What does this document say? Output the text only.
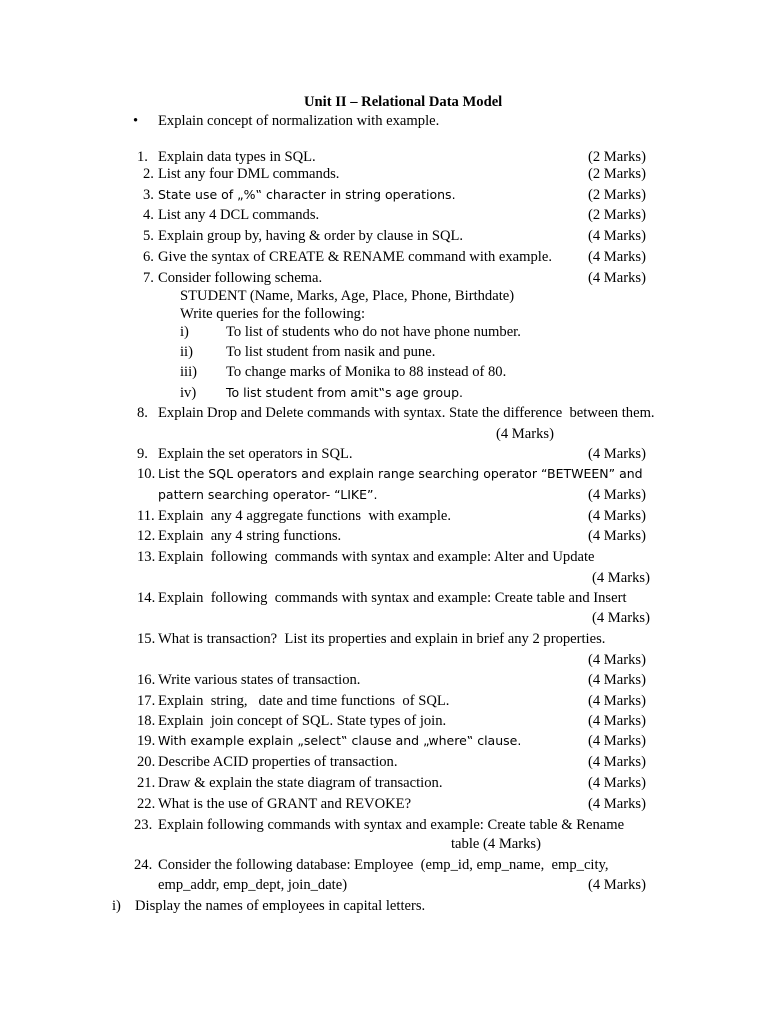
Unit II – Relational Data Model
• Explain concept of normalization with example.
1. Explain data types in SQL.	(2 Marks)
2. List any four DML commands.	(2 Marks)
3. State use of „%‟ character in string operations.	(2 Marks)
4. List any 4 DCL commands.	(2 Marks)
5. Explain group by, having & order by clause in SQL.	(4 Marks)
6. Give the syntax of CREATE & RENAME command with example. (4 Marks)
7. Consider following schema.	(4 Marks)
STUDENT (Name, Marks, Age, Place, Phone, Birthdate)
Write queries for the following:
i)	To list of students who do not have phone number.
ii) To list student from nasik and pune.
iii) To change marks of Monika to 88 instead of 80.
iv) To list student from amit‟s age group.
8. Explain Drop and Delete commands with syntax. State the difference  between them.
(4 Marks)
9. Explain the set operators in SQL.	(4 Marks)
10. List the SQL operators and explain range searching operator “BETWEEN” and
pattern searching operator- “LIKE”.	(4 Marks)
11. Explain  any 4 aggregate functions  with example.	(4 Marks)
12. Explain  any 4 string functions.	(4 Marks)
13. Explain  following  commands with syntax and example: Alter and Update
(4 Marks)
14. Explain  following  commands with syntax and example: Create table and Insert
(4 Marks)
15. What is transaction?  List its properties and explain in brief any 2 properties.
(4 Marks)
16. Write various states of transaction.	(4 Marks)
17. Explain  string,   date and time functions  of SQL.	(4 Marks)
18. Explain  join concept of SQL. State types of join.	(4 Marks)
19. With example explain „select‟ clause and „where‟ clause.	(4 Marks)
20. Describe ACID properties of transaction.	(4 Marks)
21. Draw & explain the state diagram of transaction.	(4 Marks)
22. What is the use of GRANT and REVOKE?	(4 Marks)
23. Explain following commands with syntax and example: Create table & Rename
table (4 Marks)
24. Consider the following database: Employee  (emp_id, emp_name,  emp_city,
emp_addr, emp_dept, join_date)	(4 Marks)
i) Display the names of employees in capital letters.
